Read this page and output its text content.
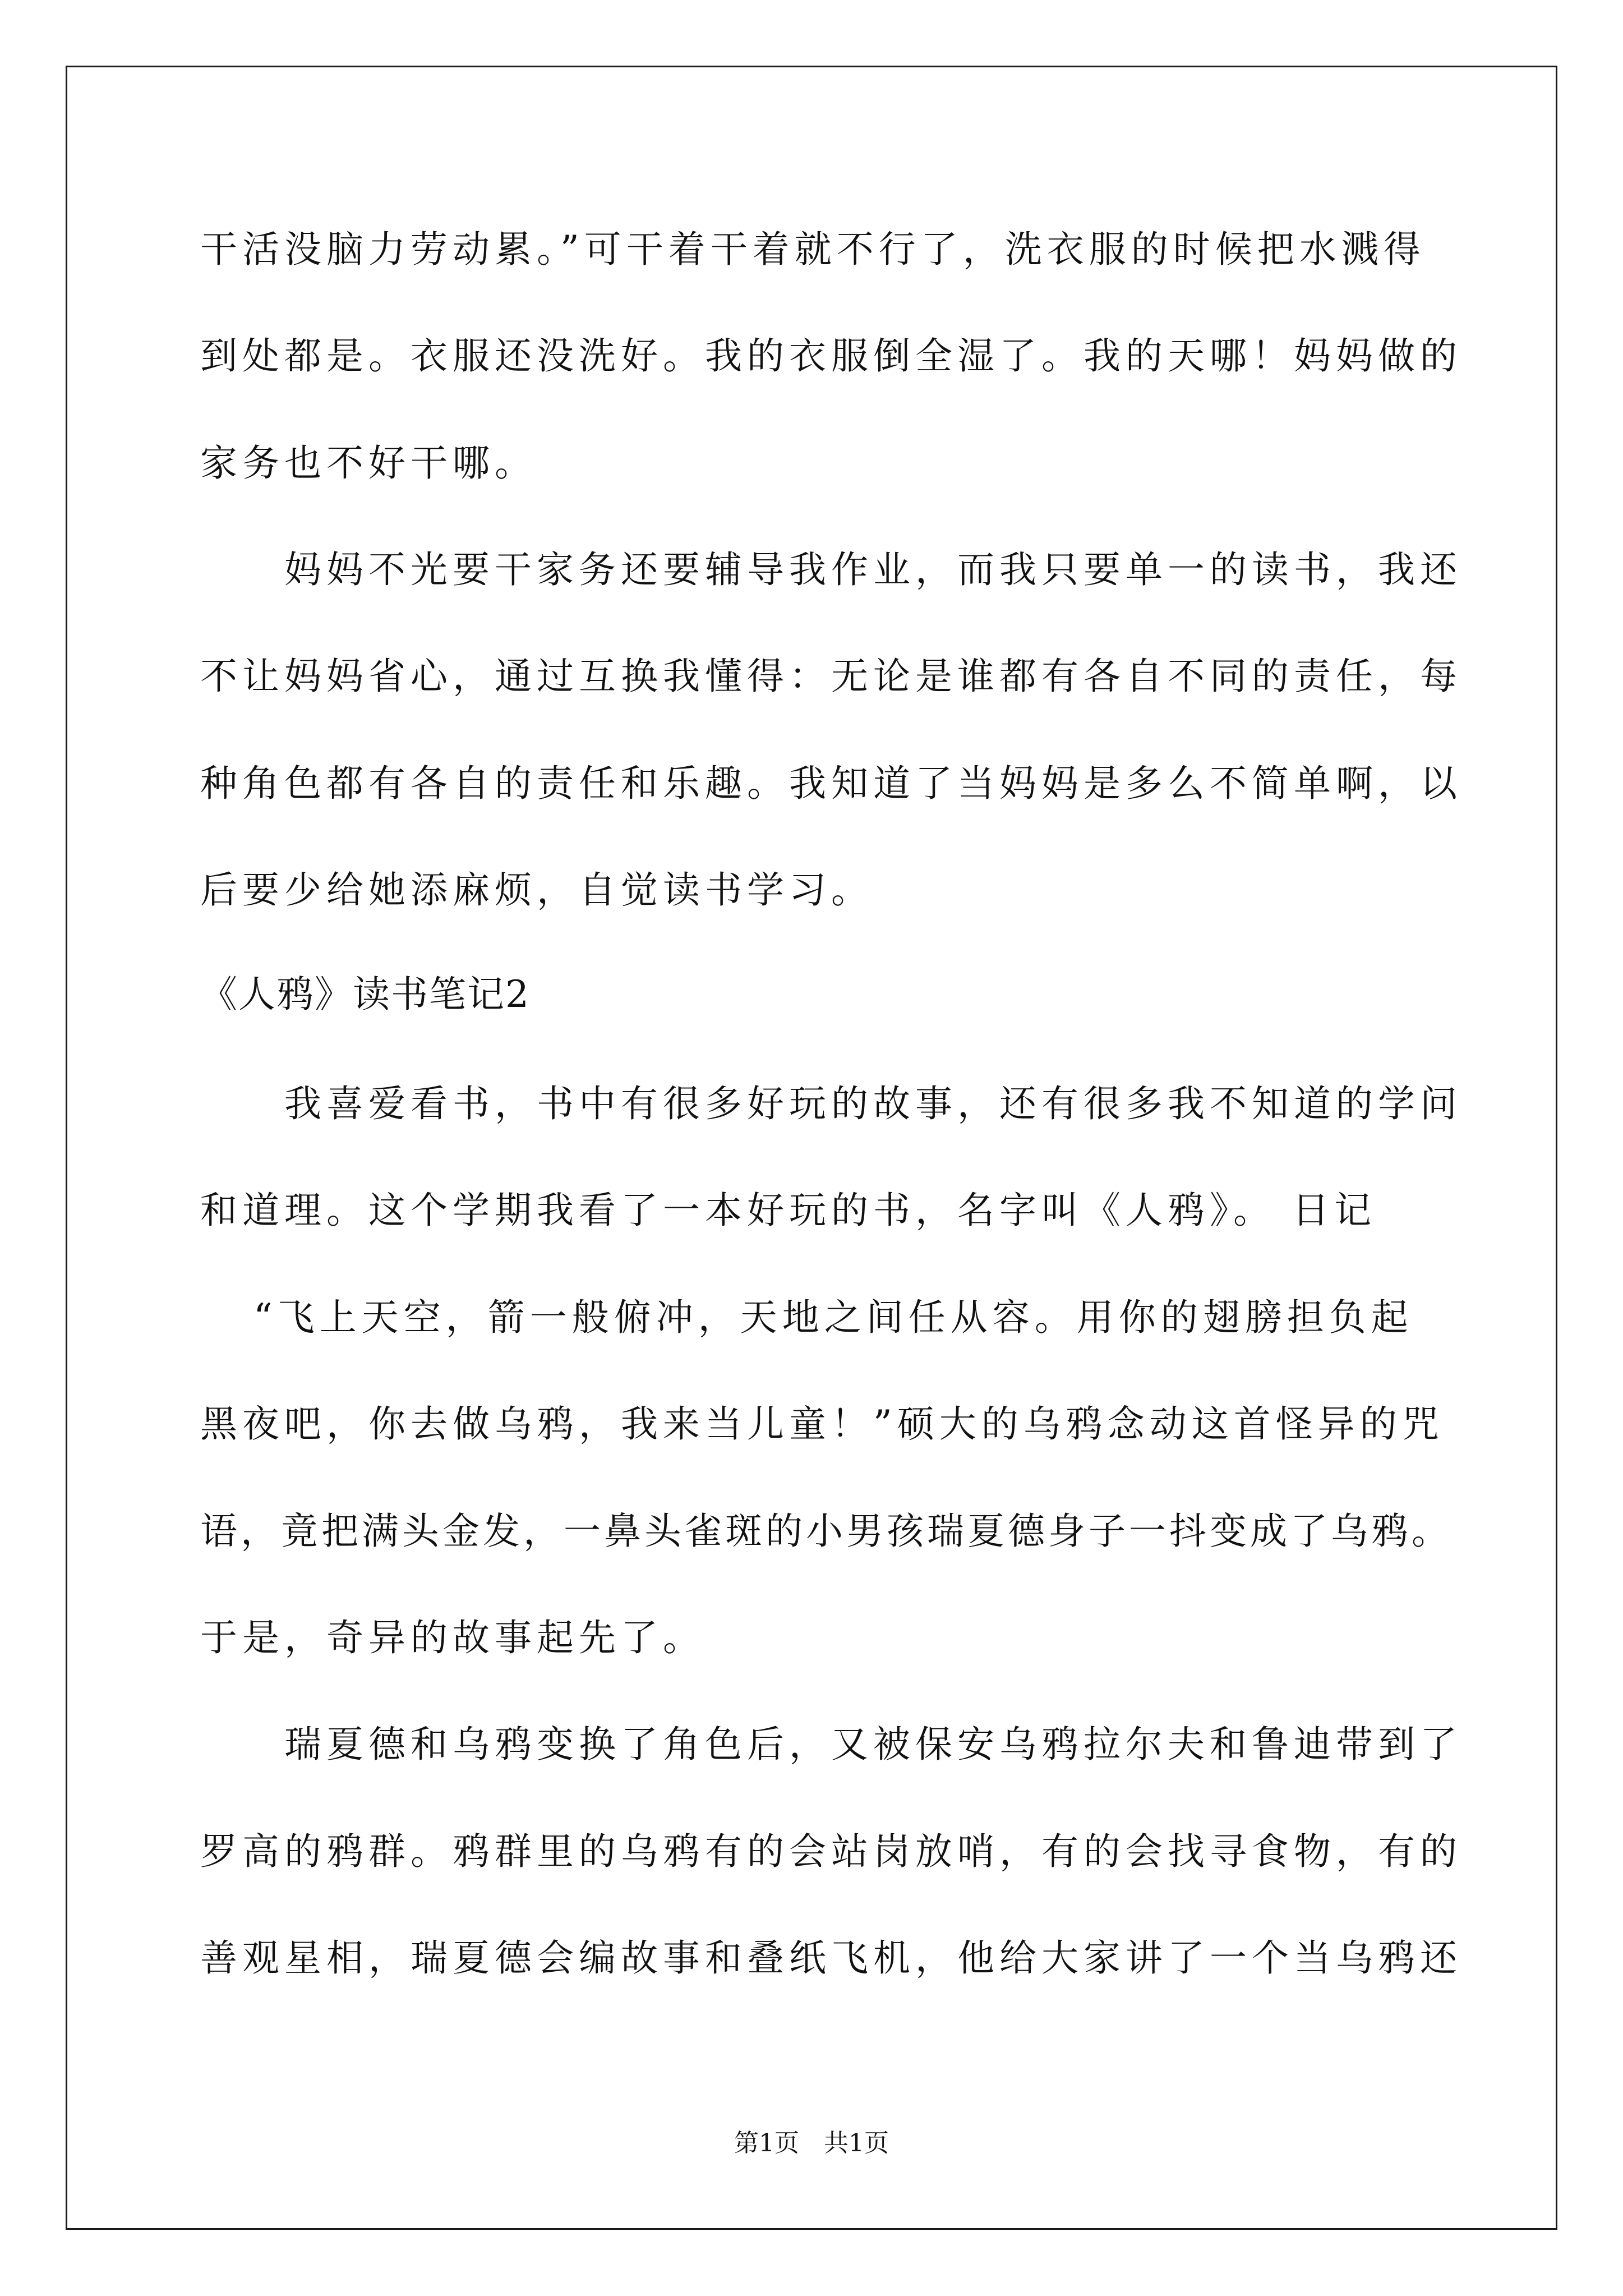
干活没脑力劳动累。”可干着干着就不行了，洗衣服的时候把水溅得
到处都是。衣服还没洗好。我的衣服倒全湿了。我的天哪！妈妈做的
家务也不好干哪。
妈妈不光要干家务还要辅导我作业，而我只要单一的读书，我还
不让妈妈省心，通过互换我懂得：无论是谁都有各自不同的责任，每
种角色都有各自的责任和乐趣。我知道了当妈妈是多么不简单啊，以
后要少给她添麻烦，自觉读书学习。
《人鸦》读书笔记2
我喜爱看书，书中有很多好玩的故事，还有很多我不知道的学问
和道理。这个学期我看了一本好玩的书，名字叫《人鸦》。 日记
“飞上天空，箭一般俯冲，天地之间任从容。用你的翅膀担负起
黑夜吧，你去做乌鸦，我来当儿童！”硕大的乌鸦念动这首怪异的咒
语，竟把满头金发，一鼻头雀斑的小男孩瑞夏德身子一抖变成了乌鸦。
于是，奇异的故事起先了。
瑞夏德和乌鸦变换了角色后，又被保安乌鸦拉尔夫和鲁迪带到了
罗高的鸦群。鸦群里的乌鸦有的会站岗放哨，有的会找寻食物，有的
善观星相，瑞夏德会编故事和叠纸飞机，他给大家讲了一个当乌鸦还
第1页　共1页
